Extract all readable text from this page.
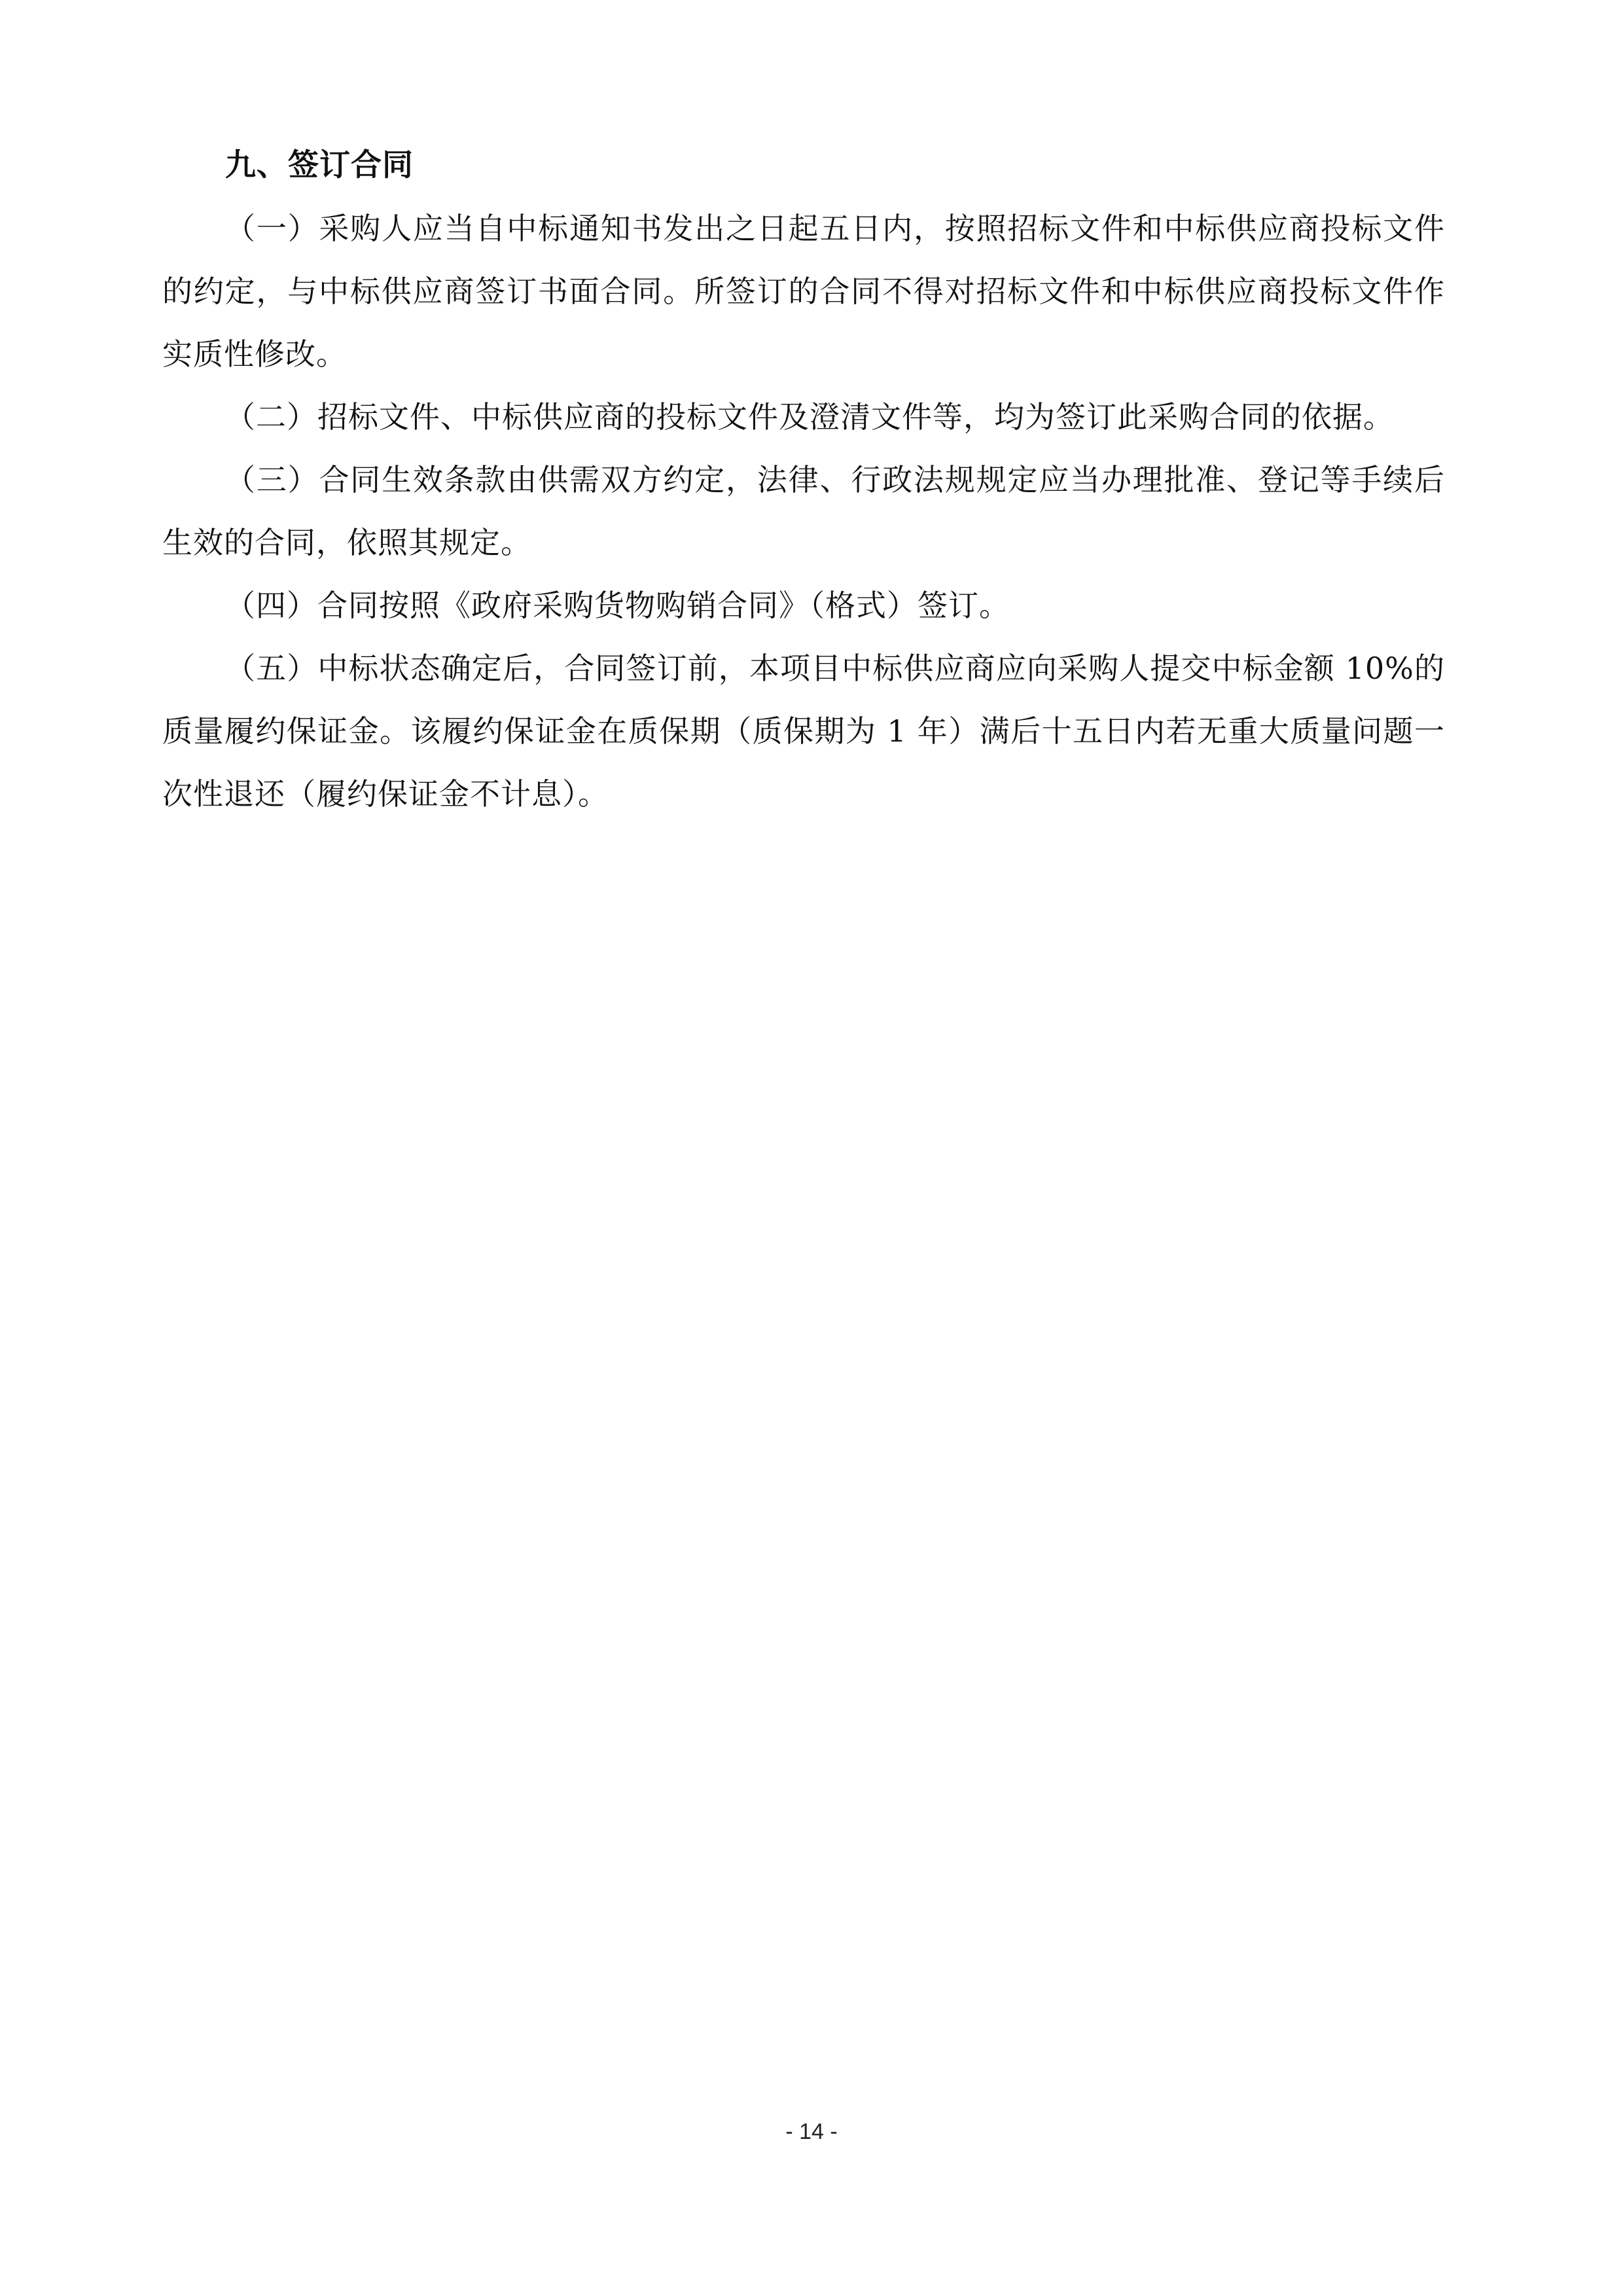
九、签订合同

（一）采购人应当自中标通知书发出之日起五日内，按照招标文件和中标供应商投标文件的约定，与中标供应商签订书面合同。所签订的合同不得对招标文件和中标供应商投标文件作实质性修改。

（二）招标文件、中标供应商的投标文件及澄清文件等，均为签订此采购合同的依据。

（三）合同生效条款由供需双方约定，法律、行政法规规定应当办理批准、登记等手续后生效的合同，依照其规定。

（四）合同按照《政府采购货物购销合同》（格式）签订。

（五）中标状态确定后，合同签订前，本项目中标供应商应向采购人提交中标金额 10%的质量履约保证金。该履约保证金在质保期（质保期为 1 年）满后十五日内若无重大质量问题一次性退还（履约保证金不计息）。

- 14 -
